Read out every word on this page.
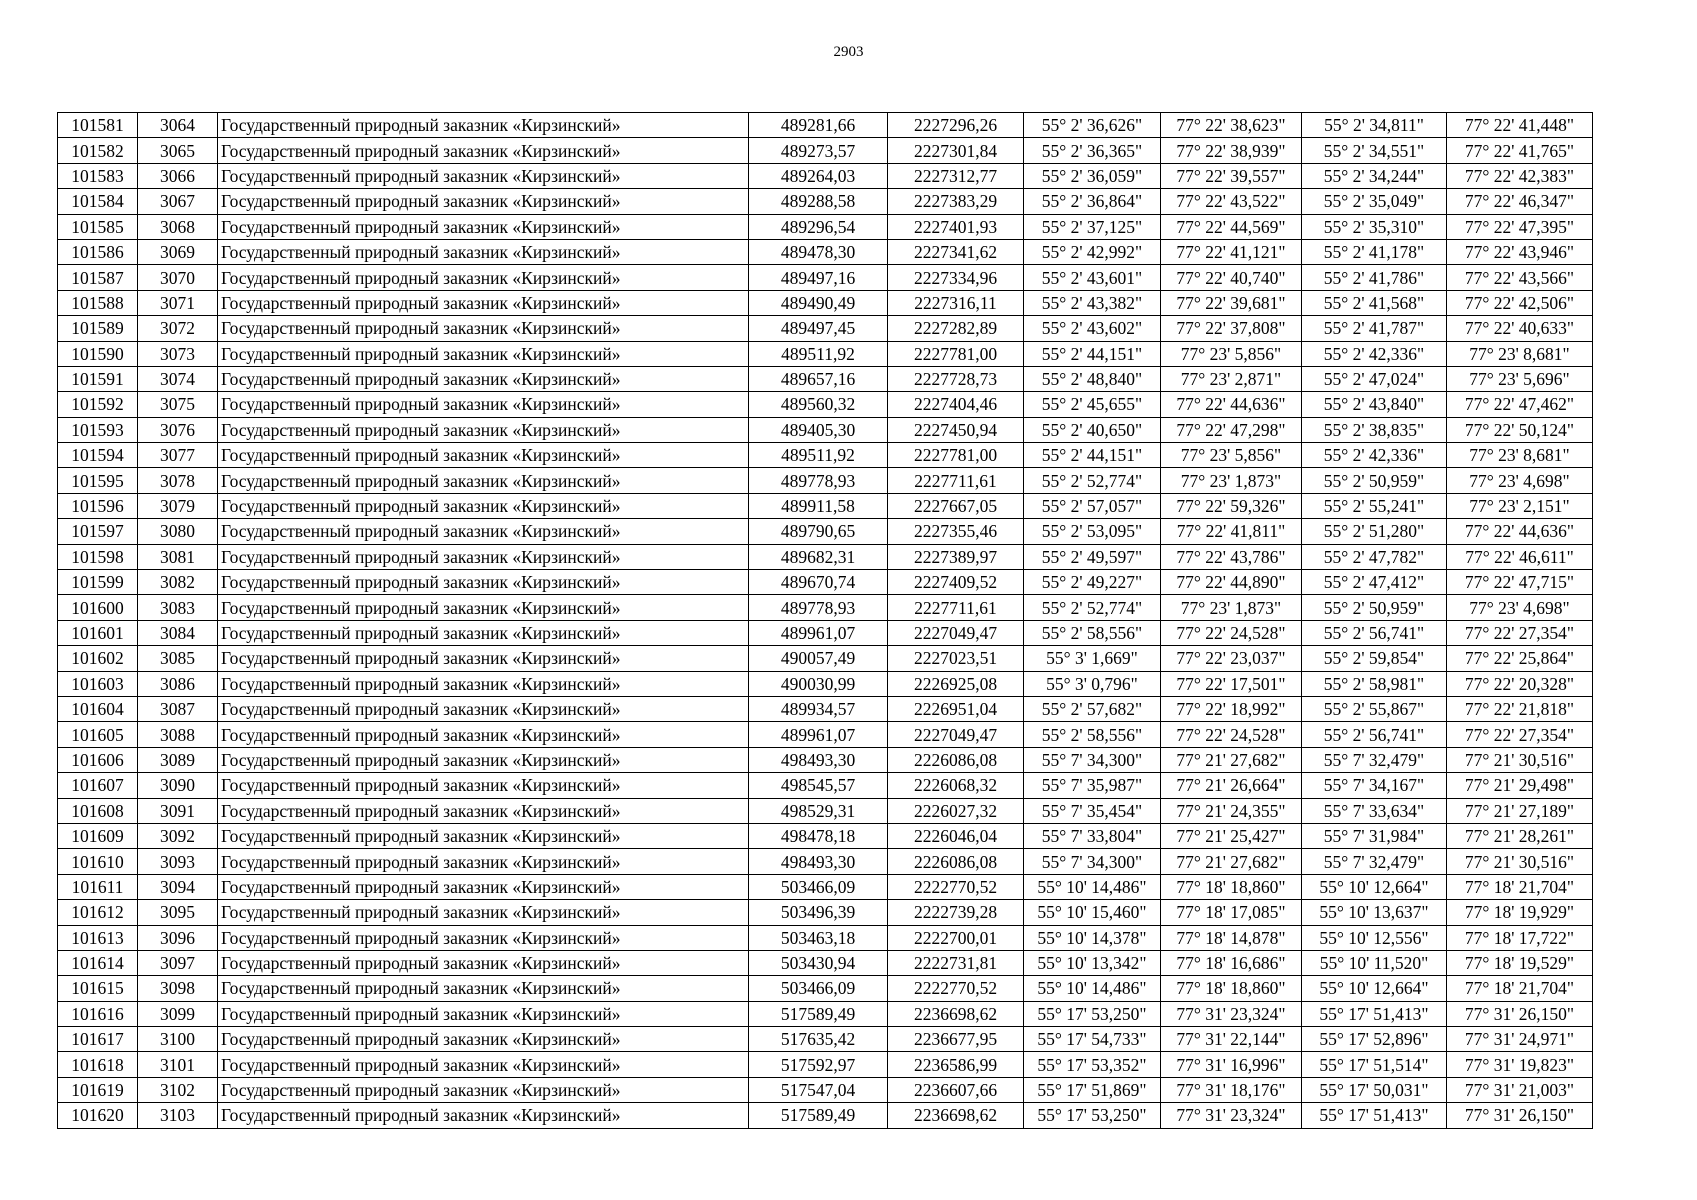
2903
101581	3064	Государственный природный заказник «Кирзинский»	489281,66	2227296,26	55° 2' 36,626"	77° 22' 38,623"	55° 2' 34,811"	77° 22' 41,448"
101582	3065	Государственный природный заказник «Кирзинский»	489273,57	2227301,84	55° 2' 36,365"	77° 22' 38,939"	55° 2' 34,551"	77° 22' 41,765"
101583	3066	Государственный природный заказник «Кирзинский»	489264,03	2227312,77	55° 2' 36,059"	77° 22' 39,557"	55° 2' 34,244"	77° 22' 42,383"
101584	3067	Государственный природный заказник «Кирзинский»	489288,58	2227383,29	55° 2' 36,864"	77° 22' 43,522"	55° 2' 35,049"	77° 22' 46,347"
101585	3068	Государственный природный заказник «Кирзинский»	489296,54	2227401,93	55° 2' 37,125"	77° 22' 44,569"	55° 2' 35,310"	77° 22' 47,395"
101586	3069	Государственный природный заказник «Кирзинский»	489478,30	2227341,62	55° 2' 42,992"	77° 22' 41,121"	55° 2' 41,178"	77° 22' 43,946"
101587	3070	Государственный природный заказник «Кирзинский»	489497,16	2227334,96	55° 2' 43,601"	77° 22' 40,740"	55° 2' 41,786"	77° 22' 43,566"
101588	3071	Государственный природный заказник «Кирзинский»	489490,49	2227316,11	55° 2' 43,382"	77° 22' 39,681"	55° 2' 41,568"	77° 22' 42,506"
101589	3072	Государственный природный заказник «Кирзинский»	489497,45	2227282,89	55° 2' 43,602"	77° 22' 37,808"	55° 2' 41,787"	77° 22' 40,633"
101590	3073	Государственный природный заказник «Кирзинский»	489511,92	2227781,00	55° 2' 44,151"	77° 23' 5,856"	55° 2' 42,336"	77° 23' 8,681"
101591	3074	Государственный природный заказник «Кирзинский»	489657,16	2227728,73	55° 2' 48,840"	77° 23' 2,871"	55° 2' 47,024"	77° 23' 5,696"
101592	3075	Государственный природный заказник «Кирзинский»	489560,32	2227404,46	55° 2' 45,655"	77° 22' 44,636"	55° 2' 43,840"	77° 22' 47,462"
101593	3076	Государственный природный заказник «Кирзинский»	489405,30	2227450,94	55° 2' 40,650"	77° 22' 47,298"	55° 2' 38,835"	77° 22' 50,124"
101594	3077	Государственный природный заказник «Кирзинский»	489511,92	2227781,00	55° 2' 44,151"	77° 23' 5,856"	55° 2' 42,336"	77° 23' 8,681"
101595	3078	Государственный природный заказник «Кирзинский»	489778,93	2227711,61	55° 2' 52,774"	77° 23' 1,873"	55° 2' 50,959"	77° 23' 4,698"
101596	3079	Государственный природный заказник «Кирзинский»	489911,58	2227667,05	55° 2' 57,057"	77° 22' 59,326"	55° 2' 55,241"	77° 23' 2,151"
101597	3080	Государственный природный заказник «Кирзинский»	489790,65	2227355,46	55° 2' 53,095"	77° 22' 41,811"	55° 2' 51,280"	77° 22' 44,636"
101598	3081	Государственный природный заказник «Кирзинский»	489682,31	2227389,97	55° 2' 49,597"	77° 22' 43,786"	55° 2' 47,782"	77° 22' 46,611"
101599	3082	Государственный природный заказник «Кирзинский»	489670,74	2227409,52	55° 2' 49,227"	77° 22' 44,890"	55° 2' 47,412"	77° 22' 47,715"
101600	3083	Государственный природный заказник «Кирзинский»	489778,93	2227711,61	55° 2' 52,774"	77° 23' 1,873"	55° 2' 50,959"	77° 23' 4,698"
101601	3084	Государственный природный заказник «Кирзинский»	489961,07	2227049,47	55° 2' 58,556"	77° 22' 24,528"	55° 2' 56,741"	77° 22' 27,354"
101602	3085	Государственный природный заказник «Кирзинский»	490057,49	2227023,51	55° 3' 1,669"	77° 22' 23,037"	55° 2' 59,854"	77° 22' 25,864"
101603	3086	Государственный природный заказник «Кирзинский»	490030,99	2226925,08	55° 3' 0,796"	77° 22' 17,501"	55° 2' 58,981"	77° 22' 20,328"
101604	3087	Государственный природный заказник «Кирзинский»	489934,57	2226951,04	55° 2' 57,682"	77° 22' 18,992"	55° 2' 55,867"	77° 22' 21,818"
101605	3088	Государственный природный заказник «Кирзинский»	489961,07	2227049,47	55° 2' 58,556"	77° 22' 24,528"	55° 2' 56,741"	77° 22' 27,354"
101606	3089	Государственный природный заказник «Кирзинский»	498493,30	2226086,08	55° 7' 34,300"	77° 21' 27,682"	55° 7' 32,479"	77° 21' 30,516"
101607	3090	Государственный природный заказник «Кирзинский»	498545,57	2226068,32	55° 7' 35,987"	77° 21' 26,664"	55° 7' 34,167"	77° 21' 29,498"
101608	3091	Государственный природный заказник «Кирзинский»	498529,31	2226027,32	55° 7' 35,454"	77° 21' 24,355"	55° 7' 33,634"	77° 21' 27,189"
101609	3092	Государственный природный заказник «Кирзинский»	498478,18	2226046,04	55° 7' 33,804"	77° 21' 25,427"	55° 7' 31,984"	77° 21' 28,261"
101610	3093	Государственный природный заказник «Кирзинский»	498493,30	2226086,08	55° 7' 34,300"	77° 21' 27,682"	55° 7' 32,479"	77° 21' 30,516"
101611	3094	Государственный природный заказник «Кирзинский»	503466,09	2222770,52	55° 10' 14,486"	77° 18' 18,860"	55° 10' 12,664"	77° 18' 21,704"
101612	3095	Государственный природный заказник «Кирзинский»	503496,39	2222739,28	55° 10' 15,460"	77° 18' 17,085"	55° 10' 13,637"	77° 18' 19,929"
101613	3096	Государственный природный заказник «Кирзинский»	503463,18	2222700,01	55° 10' 14,378"	77° 18' 14,878"	55° 10' 12,556"	77° 18' 17,722"
101614	3097	Государственный природный заказник «Кирзинский»	503430,94	2222731,81	55° 10' 13,342"	77° 18' 16,686"	55° 10' 11,520"	77° 18' 19,529"
101615	3098	Государственный природный заказник «Кирзинский»	503466,09	2222770,52	55° 10' 14,486"	77° 18' 18,860"	55° 10' 12,664"	77° 18' 21,704"
101616	3099	Государственный природный заказник «Кирзинский»	517589,49	2236698,62	55° 17' 53,250"	77° 31' 23,324"	55° 17' 51,413"	77° 31' 26,150"
101617	3100	Государственный природный заказник «Кирзинский»	517635,42	2236677,95	55° 17' 54,733"	77° 31' 22,144"	55° 17' 52,896"	77° 31' 24,971"
101618	3101	Государственный природный заказник «Кирзинский»	517592,97	2236586,99	55° 17' 53,352"	77° 31' 16,996"	55° 17' 51,514"	77° 31' 19,823"
101619	3102	Государственный природный заказник «Кирзинский»	517547,04	2236607,66	55° 17' 51,869"	77° 31' 18,176"	55° 17' 50,031"	77° 31' 21,003"
101620	3103	Государственный природный заказник «Кирзинский»	517589,49	2236698,62	55° 17' 53,250"	77° 31' 23,324"	55° 17' 51,413"	77° 31' 26,150"
